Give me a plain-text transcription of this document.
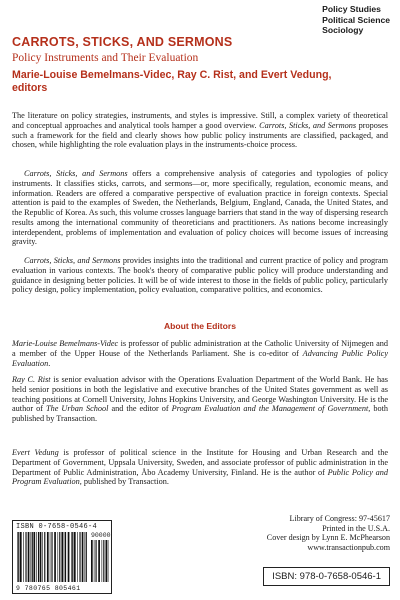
Policy Studies
Political Science
Sociology
CARROTS, STICKS, AND SERMONS
Policy Instruments and Their Evaluation
Marie-Louise Bemelmans-Videc, Ray C. Rist, and Evert Vedung, editors

The literature on policy strategies, instruments, and styles is impressive. Still, a complex variety of theoretical and conceptual approaches and analytical tools hamper a good overview. Carrots, Sticks, and Sermons proposes such a framework for the field and clearly shows how public policy instruments are classified, packaged, and chosen, while highlighting the role evaluation plays in the instruments-choice process.

Carrots, Sticks, and Sermons offers a comprehensive analysis of categories and typologies of policy instruments. It classifies sticks, carrots, and sermons—or, more specifically, regulation, economic means, and information. Readers are offered a comparative perspective of evaluation practice in foreign contexts. Special attention is paid to the examples of Sweden, the Netherlands, Belgium, England, Canada, the United States, and the Republic of Korea. As such, this volume crosses language barriers that stand in the way of dispersing research results among the international community of theoreticians and practitioners. As nations become increasingly interdependent, problems of implementation and evaluation of policy choices will become issues of increasing gravity.

Carrots, Sticks, and Sermons provides insights into the traditional and current practice of policy and program evaluation in various contexts. The book's theory of comparative public policy will produce understanding and guidance in designing better policies. It will be of wide interest to those in the fields of public policy, particularly policy design, policy implementation, policy evaluation, comparative politics, and economics.

About the Editors

Marie-Louise Bemelmans-Videc is professor of public administration at the Catholic University of Nijmegen and a member of the Upper House of the Netherlands Parliament. She is co-editor of Advancing Public Policy Evaluation.

Ray C. Rist is senior evaluation advisor with the Operations Evaluation Department of the World Bank. He has held senior positions in both the legislative and executive branches of the United States government as well as teaching positions at Cornell University, Johns Hopkins University, and George Washington University. He is the author of The Urban School and the editor of Program Evaluation and the Management of Government, both published by Transaction.

Evert Vedung is professor of political science in the Institute for Housing and Urban Research and the Department of Government, Uppsala University, Sweden, and associate professor of public administration in the Department of Public Administration, Åbo Academy University, Finland. He is the author of Public Policy and Program Evaluation, published by Transaction.

ISBN 0-7658-0546-4
90000
9 780765 805461
Library of Congress: 97-45617
Printed in the U.S.A.
Cover design by Lynn E. McPhearson
www.transactionpub.com
ISBN: 978-0-7658-0546-1
